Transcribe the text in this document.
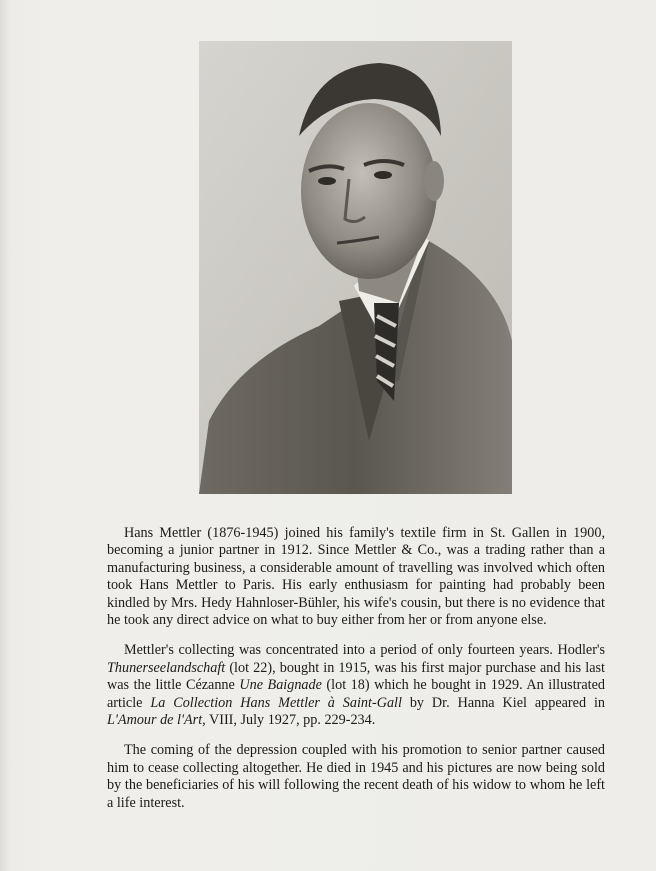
Hans Mettler (1876-1945) joined his family's textile firm in St. Gallen in 1900, becoming a junior partner in 1912. Since Mettler & Co., was a trading rather than a manufacturing business, a considerable amount of travelling was involved which often took Hans Mettler to Paris. His early enthusiasm for painting had probably been kindled by Mrs. Hedy Hahnloser-Bühler, his wife's cousin, but there is no evidence that he took any direct advice on what to buy either from her or from anyone else.

Mettler's collecting was concentrated into a period of only fourteen years. Hodler's Thunerseelandschaft (lot 22), bought in 1915, was his first major purchase and his last was the little Cézanne Une Baignade (lot 18) which he bought in 1929. An illustrated article La Collection Hans Mettler à Saint-Gall by Dr. Hanna Kiel appeared in L'Amour de l'Art, VIII, July 1927, pp. 229-234.

The coming of the depression coupled with his promotion to senior partner caused him to cease collecting altogether. He died in 1945 and his pictures are now being sold by the beneficiaries of his will following the recent death of his widow to whom he left a life interest.
